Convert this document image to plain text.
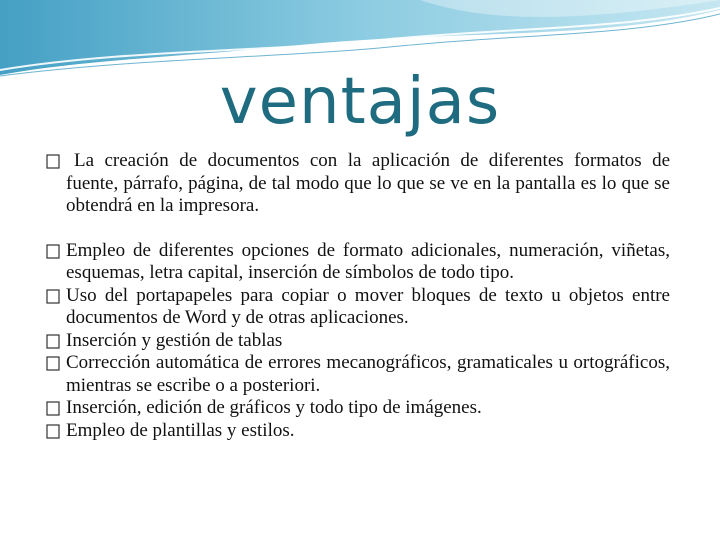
ventajas

La creación de documentos con la aplicación de diferentes formatos de fuente, párrafo, página, de tal modo que lo que se ve en la pantalla es lo que se obtendrá en la impresora.

Empleo de diferentes opciones de formato adicionales, numeración, viñetas, esquemas, letra capital, inserción de símbolos de todo tipo.

Uso del portapapeles para copiar o mover bloques de texto u objetos entre documentos de Word y de otras aplicaciones.

Inserción y gestión de tablas

Corrección automática de errores mecanográficos, gramaticales u ortográficos, mientras se escribe o a posteriori.

Inserción, edición de gráficos y todo tipo de imágenes.

Empleo de plantillas y estilos.
